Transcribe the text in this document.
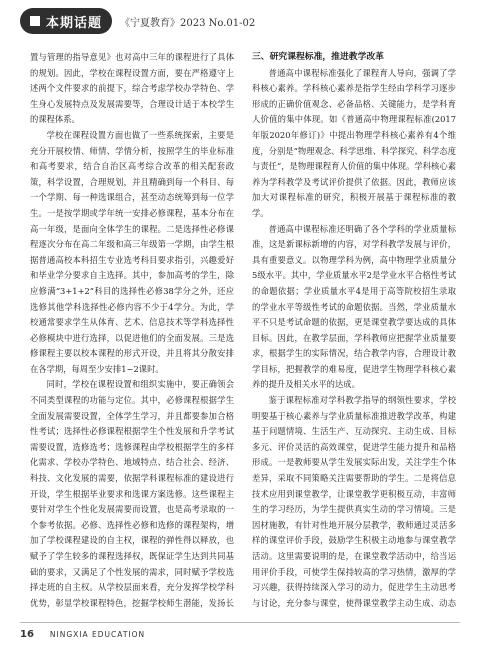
本期话题 《宁夏教育》2023 No.01-02

置与管理的指导意见》也对高中三年的课程进行了具体的规划。因此，学校在课程设置方面，要在严格遵守上述两个文件要求的前提下，综合考虑学校办学特色、学生身心发展特点及发展需要等，合理设计适于本校学生的课程体系。

学校在课程设置方面也做了一些系统探索，主要是充分开展校情、师情、学情分析，按照学生的毕业标准和高考要求，结合自治区高考综合改革的相关配套政策，科学设置，合理规划，并且精确到每一个科目、每一个学期、每一种选课组合，甚至动态统筹到每一位学生。一是按学期或学年统一安排必修课程，基本分布在高一年级，是面向全体学生的课程。二是选择性必修课程逐次分布在高二年级和高三年级第一学期，由学生根据普通高校本科招生专业选考科目要求指引，兴趣爱好和毕业学分要求自主选择。其中，参加高考的学生，除应修满“3+1+2”科目的选择性必修38学分之外，还应选修其他学科选择性必修内容不少于4学分。为此，学校通常要求学生从体育、艺术、信息技术等学科选择性必修模块中进行选择，以促进他们的全面发展。三是选修课程主要以校本课程的形式开设，并且将其分散安排在各学期，每周至少安排1~2课时。

同时，学校在课程设置和组织实施中，要正确领会不同类型课程的功能与定位。其中，必修课程根据学生全面发展需要设置，全体学生学习，并且都要参加合格性考试；选择性必修课程根据学生个性发展和升学考试需要设置，选修选考；选修课程由学校根据学生的多样化需求、学校办学特色、地域特点、结合社会、经济、科技、文化发展的需要，依据学科课程标准的建设进行开设，学生根据毕业要求和选课方案选修。这些课程主要针对学生个性化发展需要而设置，也是高考录取的一个参考依据。必修、选择性必修和选修的课程架构，增加了学校课程建设的自主权，课程的弹性得以释放，也赋予了学生较多的课程选择权，既保证学生达到共同基础的要求，又满足了个性发展的需求，同时赋予学校选择走班的自主权。从学校层面来看，充分发挥学校学科优势，彰显学校课程特色，挖掘学校师生潜能，发扬长

三、研究课程标准，推进教学改革

普通高中课程标准强化了课程育人导向，强调了学科核心素养。学科核心素养是指学生经由学科学习逐步形成的正确价值观念、必备品格、关键能力，是学科育人价值的集中体现。如《普通高中物理课程标准(2017年版2020年修订)》中提出物理学科核心素养有4个维度，分别是“物理观念、科学思维、科学探究、科学态度与责任”，是物理课程育人价值的集中体现。学科核心素养为学科教学及考试评价提供了依据。因此，教师应该加大对课程标准的研究，积极开展基于课程标准的教学。

普通高中课程标准还明确了各个学科的学业质量标准，这是新课标新增的内容，对学科教学发展与评价，具有重要意义。以物理学科为例，高中物理学业质量分5级水平。其中，学业质量水平2是学业水平合格性考试的命题依据；学业质量水平4是用于高等院校招生录取的学业水平等级性考试的命题依据。当然，学业质量水平不只是考试命题的依据，更是课堂教学要达成的具体目标。因此，在教学层面，学科教师应把握学业质量要求，根据学生的实际情况，结合教学内容，合理设计教学目标，把握教学的难易度，促进学生物理学科核心素养的提升及相关水平的达成。

鉴于课程标准对学科教学指导的纲领性要求，学校明要基于核心素养与学业质量标准推进教学改革，构建基于问题情境、生活生产、互动探究、主动生成、目标多元、评价灵活的高效课堂，促进学生能力提升和品格形成。一是教师要从学生发展实际出发，关注学生个体差异，采取不同策略关注需要帮助的学生。二是将信息技术应用到课堂教学，让课堂教学更积极互动，丰富师生的学习经历，为学生提供真实生动的学习情境。三是因材施教，有针对性地开展分层教学，教师通过灵活多样的课堂评价手段，鼓励学生积极主动地参与课堂教学活动。这里需要说明的是，在课堂教学活动中，给当运用评价手段，可使学生保持较高的学习热情，激厚的学习兴趣，获得持续深入学习的动力，促进学生主动思考与讨论，充分参与课堂，使得课堂教学主动生成、动态

16 NINGXIA EDUCATION
